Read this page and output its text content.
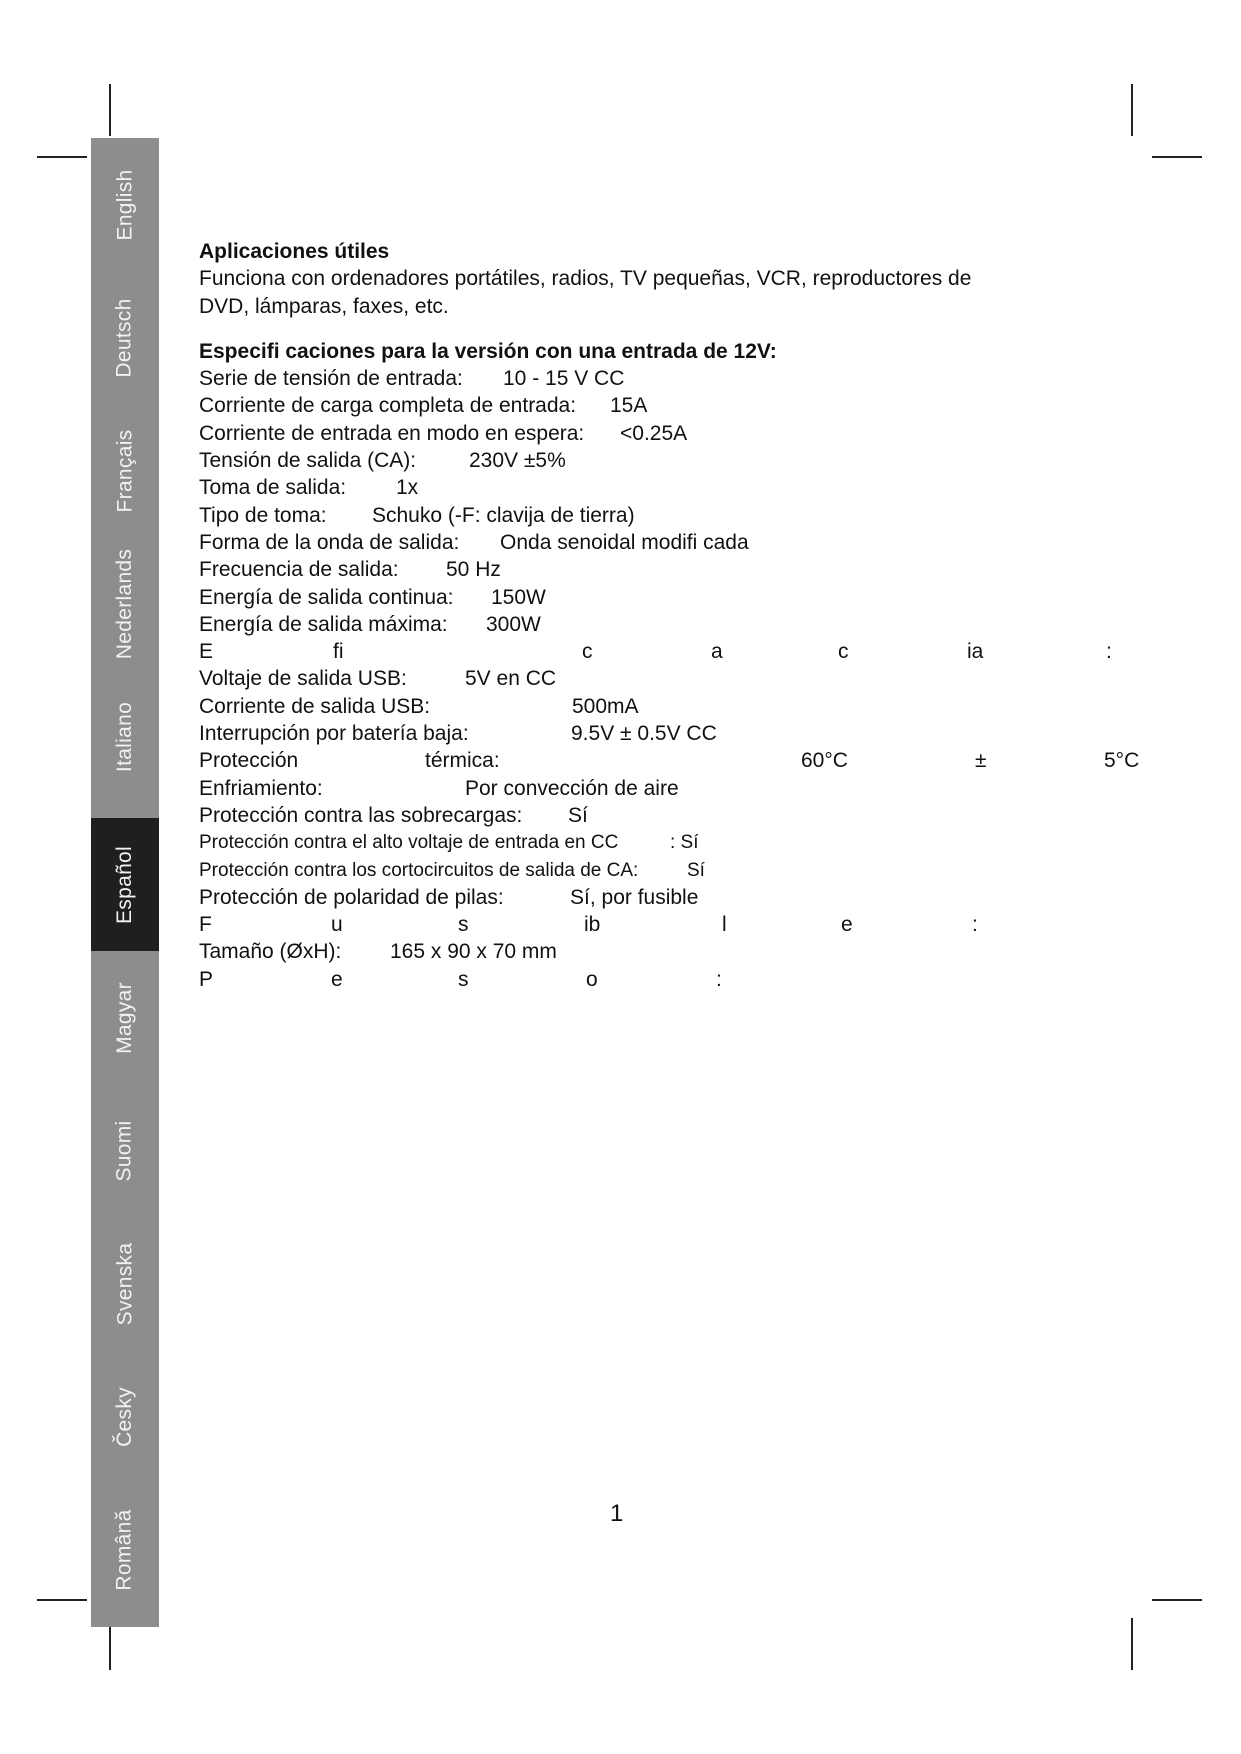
English
Deutsch
Français
Nederlands
Italiano
Español
Magyar
Suomi
Svenska
Česky
Română

Aplicaciones útiles

Funciona con ordenadores portátiles, radios, TV pequeñas, VCR, reproductores de

DVD, lámparas, faxes, etc.

Especifi caciones para la versión con una entrada de 12V:

Serie de tensión de entrada: 10 - 15 V CC
Corriente de carga completa de entrada: 15A
Corriente de entrada en modo en espera: <0.25A
Tensión de salida (CA):	230V ±5%
Toma de salida: 1x
Tipo de toma: Schuko (-F: clavija de tierra)
Forma de la onda de salida: Onda senoidal modifi cada
Frecuencia de salida: 50 Hz
Energía de salida continua: 150W
Energía de salida máxima: 300W
E	fi	c	a	c	ia	:
Voltaje de salida USB:	5V en CC
Corriente de salida USB:	500mA
Interrupción por batería baja:	9.5V ± 0.5V CC
Protección	térmica:	60°C	±	5°C
Enfriamiento:	Por convección de aire
Protección contra las sobrecargas: Sí
Protección contra el alto voltaje de entrada en CC	: Sí
Protección contra los cortocircuitos de salida de CA:	Sí
Protección de polaridad de pilas:	Sí, por fusible
F	u	s	ib	l	e	:
Tamaño (ØxH): 165 x 90 x 70 mm
P	e	s	o	:
1
